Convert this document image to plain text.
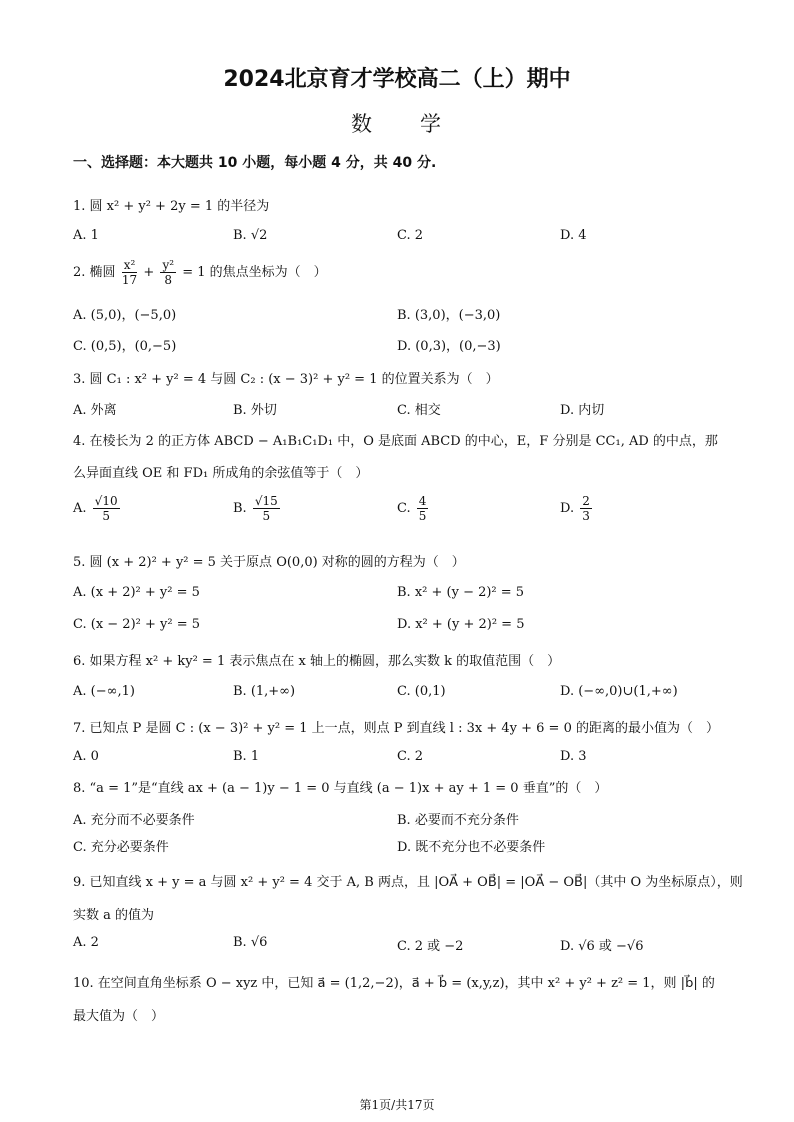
2024北京育才学校高二（上）期中
数　　学
一、选择题：本大题共 10 小题，每小题 4 分，共 40 分.
1. 圆 x² + y² + 2y = 1 的半径为
A. 1	B. √2	C. 2	D. 4
2. 椭圆 $\frac{\text{x²}}{17} + \frac{\text{y²}}{8} = 1$ 的焦点坐标为（　）
A. (5,0)，(−5,0)	B. (3,0)，(−3,0)
C. (0,5)，(0,−5)	D. (0,3)，(0,−3)
3. 圆 C₁ : x² + y² = 4 与圆 C₂ : (x − 3)² + y² = 1 的位置关系为（　）
A. 外离	B. 外切	C. 相交	D. 内切
4. 在棱长为 2 的正方体 ABCD − A₁B₁C₁D₁ 中，O 是底面 ABCD 的中心，E，F 分别是 CC₁, AD 的中点，那
么异面直线 OE 和 FD₁ 所成角的余弦值等于（　）
A. $\frac{√10}{5}$	B. $\frac{√15}{5}$	C. $\frac{4}{5}$	D. $\frac{2}{3}$
5. 圆 (x + 2)² + y² = 5 关于原点 O(0,0) 对称的圆的方程为（　）
A. (x + 2)² + y² = 5	B. x² + (y − 2)² = 5
C. (x − 2)² + y² = 5	D. x² + (y + 2)² = 5
6. 如果方程 x² + ky² = 1 表示焦点在 x 轴上的椭圆，那么实数 k 的取值范围（　）
A. (−∞,1)	B. (1,+∞)	C. (0,1)	D. (−∞,0)∪(1,+∞)
7. 已知点 P 是圆 C : (x − 3)² + y² = 1 上一点，则点 P 到直线 l : 3x + 4y + 6 = 0 的距离的最小值为（　）
A. 0	B. 1	C. 2	D. 3
8. “a = 1”是“直线 ax + (a − 1)y − 1 = 0 与直线 (a − 1)x + ay + 1 = 0 垂直”的（　）
A. 充分而不必要条件	B. 必要而不充分条件
C. 充分必要条件	D. 既不充分也不必要条件
9. 已知直线 x + y = a 与圆 x² + y² = 4 交于 A, B 两点，且 |OA⃗ + OB⃗| = |OA⃗ − OB⃗|（其中 O 为坐标原点），则
实数 a 的值为
A. 2	B. √6	C. 2 或 −2	D. √6 或 −√6
10. 在空间直角坐标系 O − xyz 中，已知 a⃗ = (1,2,−2)，a⃗ + b⃗ = (x,y,z)，其中 x² + y² + z² = 1，则 |b⃗| 的
最大值为（　）
第1页/共17页
